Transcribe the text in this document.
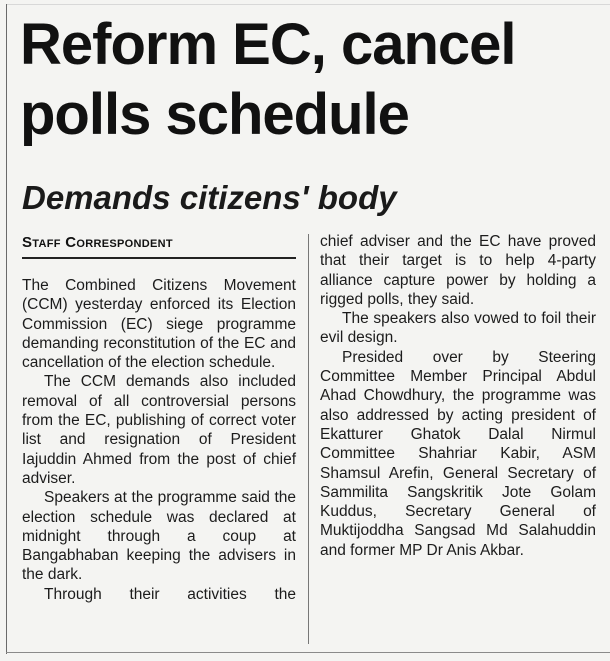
Reform EC, cancel
polls schedule
Demands citizens' body
Staff Correspondent

The Combined Citizens Movement (CCM) yesterday enforced its Election Commission (EC) siege programme demanding reconstitution of the EC and cancellation of the election schedule.

The CCM demands also included removal of all controversial persons from the EC, publishing of correct voter list and resignation of President Iajuddin Ahmed from the post of chief adviser.

Speakers at the programme said the election schedule was declared at midnight through a coup at Bangabhaban keeping the advisers in the dark.

Through their activities the

chief adviser and the EC have proved that their target is to help 4-party alliance capture power by holding a rigged polls, they said.

The speakers also vowed to foil their evil design.

Presided over by Steering Committee Member Principal Abdul Ahad Chowdhury, the programme was also addressed by acting president of Ekatturer Ghatok Dalal Nirmul Committee Shahriar Kabir, ASM Shamsul Arefin, General Secretary of Sammilita Sangskritik Jote Golam Kuddus, Secretary General of Muktijoddha Sangsad Md Salahuddin and former MP Dr Anis Akbar.
